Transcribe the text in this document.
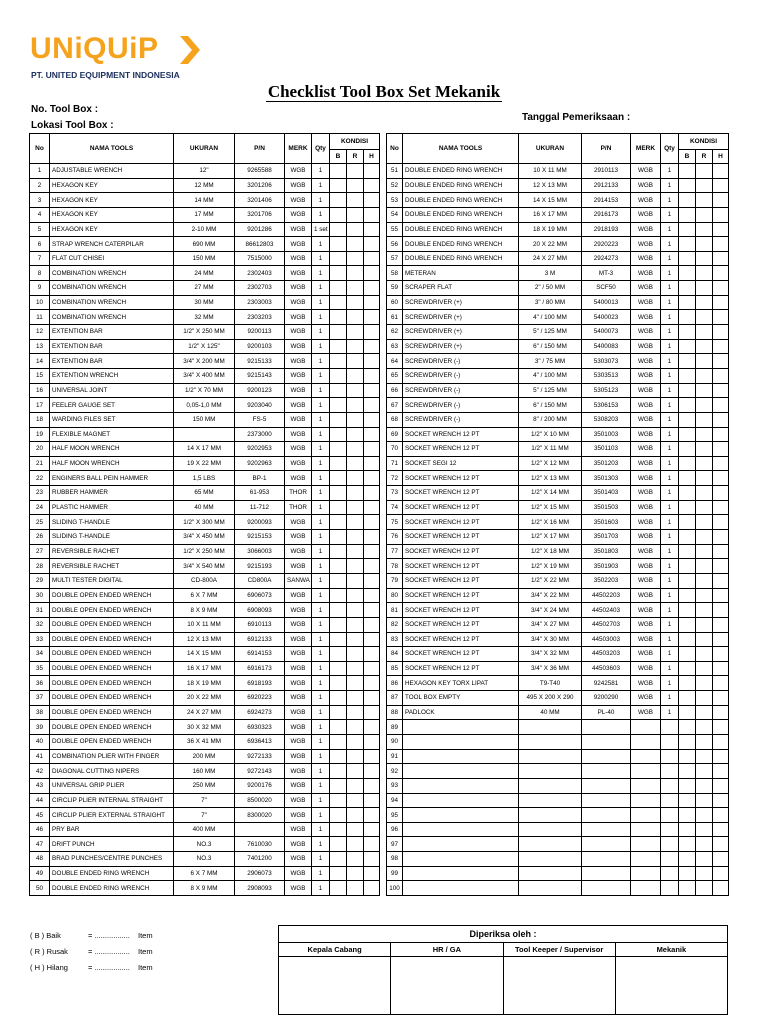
UNiQUiP
PT. UNITED EQUIPMENT INDONESIA
Checklist Tool Box Set Mekanik
No. Tool Box :
Lokasi Tool Box :
Tanggal Pemeriksaan :
No	NAMA TOOLS	UKURAN	P/N	MERK	Qty	KONDISI		
						B	R	H
1	ADJUSTABLE WRENCH	12"	9265588	WGB	1			
2	HEXAGON KEY	12 MM	3201206	WGB	1			
3	HEXAGON KEY	14 MM	3201406	WGB	1			
4	HEXAGON KEY	17 MM	3201706	WGB	1			
5	HEXAGON KEY	2-10 MM	9201286	WGB	1 set			
6	STRAP WRENCH CATERPILAR	690 MM	86612803	WGB	1			
7	FLAT CUT CHISEI	150 MM	7515000	WGB	1			
8	COMBINATION WRENCH	24 MM	2302403	WGB	1			
9	COMBINATION WRENCH	27 MM	2302703	WGB	1			
10	COMBINATION WRENCH	30 MM	2303003	WGB	1			
11	COMBINATION WRENCH	32 MM	2303203	WGB	1			
12	EXTENTION BAR	1/2" X 250 MM	9200113	WGB	1			
13	EXTENTION BAR	1/2" X 125"	9200103	WGB	1			
14	EXTENTION BAR	3/4" X 200 MM	9215133	WGB	1			
15	EXTENTION WRENCH	3/4" X 400 MM	9215143	WGB	1			
16	UNIVERSAL JOINT	1/2" X 70 MM	9200123	WGB	1			
17	FEELER GAUGE SET	0,05-1,0 MM	9203040	WGB	1			
18	WARDING FILES SET	150 MM	FS-5	WGB	1			
19	FLEXIBLE MAGNET		2373000	WGB	1			
20	HALF MOON WRENCH	14 X 17 MM	9202953	WGB	1			
21	HALF MOON WRENCH	19 X 22 MM	9202963	WGB	1			
22	ENGINERS BALL PEIN HAMMER	1,5 LBS	BP-1	WGB	1			
23	RUBBER HAMMER	65 MM	61-953	THOR	1			
24	PLASTIC HAMMER	40 MM	11-712	THOR	1			
25	SLIDING T-HANDLE	1/2" X 300 MM	9200093	WGB	1			
26	SLIDING T-HANDLE	3/4" X 450 MM	9215153	WGB	1			
27	REVERSIBLE RACHET	1/2" X 250 MM	3066003	WGB	1			
28	REVERSIBLE RACHET	3/4" X 540 MM	9215193	WGB	1			
29	MULTI TESTER DIGITAL	CD-800A	CD800A	SANWA	1			
30	DOUBLE OPEN ENDED WRENCH	6 X 7 MM	6906073	WGB	1			
31	DOUBLE OPEN ENDED WRENCH	8 X 9 MM	6908093	WGB	1			
32	DOUBLE OPEN ENDED WRENCH	10 X 11 MM	6910113	WGB	1			
33	DOUBLE OPEN ENDED WRENCH	12 X 13 MM	6912133	WGB	1			
34	DOUBLE OPEN ENDED WRENCH	14 X 15 MM	6914153	WGB	1			
35	DOUBLE OPEN ENDED WRENCH	16 X 17 MM	6916173	WGB	1			
36	DOUBLE OPEN ENDED WRENCH	18 X 19 MM	6918193	WGB	1			
37	DOUBLE OPEN ENDED WRENCH	20 X 22 MM	6920223	WGB	1			
38	DOUBLE OPEN ENDED WRENCH	24 X 27 MM	6924273	WGB	1			
39	DOUBLE OPEN ENDED WRENCH	30 X 32 MM	6930323	WGB	1			
40	DOUBLE OPEN ENDED WRENCH	36 X 41 MM	6936413	WGB	1			
41	COMBINATION PLIER WITH FINGER	200 MM	9272133	WGB	1			
42	DIAGONAL CUTTING NIPERS	160 MM	9272143	WGB	1			
43	UNIVERSAL GRIP PLIER	250 MM	9200176	WGB	1			
44	CIRCLIP PLIER INTERNAL STRAIGHT	7"	8500020	WGB	1			
45	CIRCLIP PLIER EXTERNAL STRAIGHT	7"	8300020	WGB	1			
46	PRY BAR	400 MM		WGB	1			
47	DRIFT PUNCH	NO.3	7610030	WGB	1			
48	BRAD PUNCHES/CENTRE PUNCHES	NO.3	7401200	WGB	1			
49	DOUBLE ENDED RING WRENCH	6 X 7 MM	2906073	WGB	1			
50	DOUBLE ENDED RING WRENCH	8 X 9 MM	2908093	WGB	1			
No	NAMA TOOLS	UKURAN	P/N	MERK	Qty	KONDISI		
						B	R	H
51	DOUBLE ENDED RING WRENCH	10 X 11 MM	2910113	WGB	1			
52	DOUBLE ENDED RING WRENCH	12 X 13 MM	2912133	WGB	1			
53	DOUBLE ENDED RING WRENCH	14 X 15 MM	2914153	WGB	1			
54	DOUBLE ENDED RING WRENCH	16 X 17 MM	2916173	WGB	1			
55	DOUBLE ENDED RING WRENCH	18 X 19 MM	2918193	WGB	1			
56	DOUBLE ENDED RING WRENCH	20 X 22 MM	2920223	WGB	1			
57	DOUBLE ENDED RING WRENCH	24 X 27 MM	2924273	WGB	1			
58	METERAN	3 M	MT-3	WGB	1			
59	SCRAPER FLAT	2" / 50 MM	SCF50	WGB	1			
60	SCREWDRIVER (+)	3" / 80 MM	5400013	WGB	1			
61	SCREWDRIVER (+)	4" / 100 MM	5400023	WGB	1			
62	SCREWDRIVER (+)	5" / 125 MM	5400073	WGB	1			
63	SCREWDRIVER (+)	6" / 150 MM	5400083	WGB	1			
64	SCREWDRIVER (-)	3" / 75 MM	5303073	WGB	1			
65	SCREWDRIVER (-)	4" / 100 MM	5303513	WGB	1			
66	SCREWDRIVER (-)	5" / 125 MM	5305123	WGB	1			
67	SCREWDRIVER (-)	6" / 150 MM	5306153	WGB	1			
68	SCREWDRIVER (-)	8" / 200 MM	5308203	WGB	1			
69	SOCKET WRENCH 12 PT	1/2" X 10 MM	3501003	WGB	1			
70	SOCKET WRENCH 12 PT	1/2" X 11 MM	3501103	WGB	1			
71	SOCKET SEGI 12	1/2" X 12 MM	3501203	WGB	1			
72	SOCKET WRENCH 12 PT	1/2" X 13 MM	3501303	WGB	1			
73	SOCKET WRENCH 12 PT	1/2" X 14 MM	3501403	WGB	1			
74	SOCKET WRENCH 12 PT	1/2" X 15 MM	3501503	WGB	1			
75	SOCKET WRENCH 12 PT	1/2" X 16 MM	3501603	WGB	1			
76	SOCKET WRENCH 12 PT	1/2" X 17 MM	3501703	WGB	1			
77	SOCKET WRENCH 12 PT	1/2" X 18 MM	3501803	WGB	1			
78	SOCKET WRENCH 12 PT	1/2" X 19 MM	3501903	WGB	1			
79	SOCKET WRENCH 12 PT	1/2" X 22 MM	3502203	WGB	1			
80	SOCKET WRENCH 12 PT	3/4" X 22 MM	44502203	WGB	1			
81	SOCKET WRENCH 12 PT	3/4" X 24 MM	44502403	WGB	1			
82	SOCKET WRENCH 12 PT	3/4" X 27 MM	44502703	WGB	1			
83	SOCKET WRENCH 12 PT	3/4" X 30 MM	44503003	WGB	1			
84	SOCKET WRENCH 12 PT	3/4" X 32 MM	44503203	WGB	1			
85	SOCKET WRENCH 12 PT	3/4" X 36 MM	44503603	WGB	1			
86	HEXAGON KEY TORX LIPAT	T9-T40	9242581	WGB	1			
87	TOOL BOX EMPTY	495 X 200 X 290	9200290	WGB	1			
88	PADLOCK	40 MM	PL-40	WGB	1			
89								
90								
91								
92								
93								
94								
95								
96								
97								
98								
99								
100								
( B ) Baik	= ................. Item
( R ) Rusak	= ................. Item
( H ) Hilang	= ................. Item
Diperiksa oleh :			
Kepala Cabang	HR / GA	Tool Keeper / Supervisor	Mekanik
